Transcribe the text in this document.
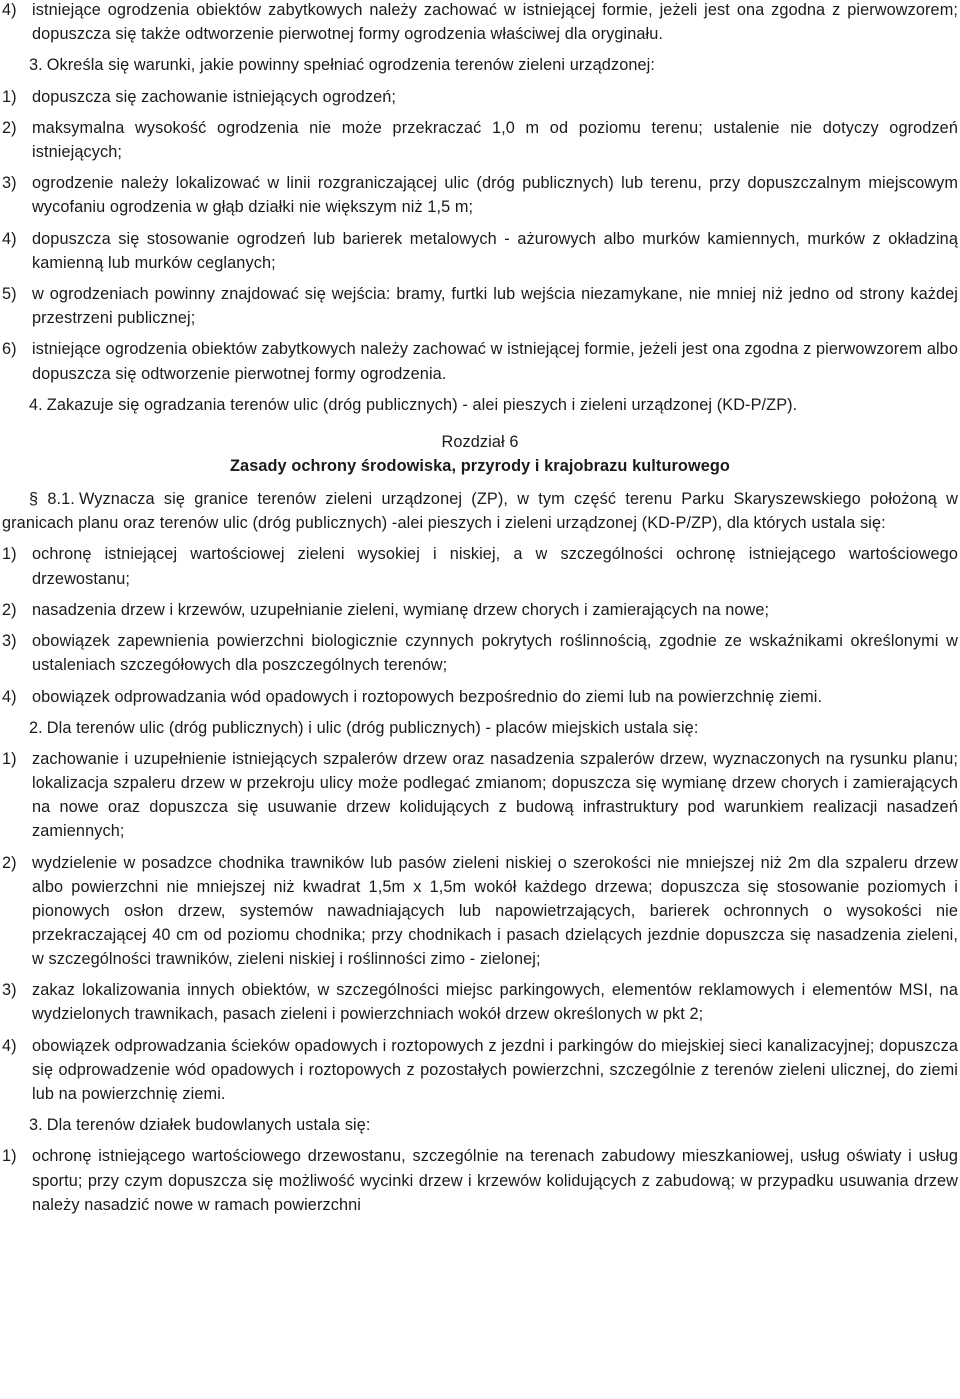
4) istniejące ogrodzenia obiektów zabytkowych należy zachować w istniejącej formie, jeżeli jest ona zgodna z pierwowzorem; dopuszcza się także odtworzenie pierwotnej formy ogrodzenia właściwej dla oryginału.
3. Określa się warunki, jakie powinny spełniać ogrodzenia terenów zieleni urządzonej:
1) dopuszcza się zachowanie istniejących ogrodzeń;
2) maksymalna wysokość ogrodzenia nie może przekraczać 1,0 m od poziomu terenu; ustalenie nie dotyczy ogrodzeń istniejących;
3) ogrodzenie należy lokalizować w linii rozgraniczającej ulic (dróg publicznych) lub terenu, przy dopuszczalnym miejscowym wycofaniu ogrodzenia w głąb działki nie większym niż 1,5 m;
4) dopuszcza się stosowanie ogrodzeń lub barierek metalowych - ażurowych albo murków kamiennych, murków z okładziną kamienną lub murków ceglanych;
5) w ogrodzeniach powinny znajdować się wejścia: bramy, furtki lub wejścia niezamykane, nie mniej niż jedno od strony każdej przestrzeni publicznej;
6) istniejące ogrodzenia obiektów zabytkowych należy zachować w istniejącej formie, jeżeli jest ona zgodna z pierwowzorem albo dopuszcza się odtworzenie pierwotnej formy ogrodzenia.
4. Zakazuje się ogradzania terenów ulic (dróg publicznych) - alei pieszych i zieleni urządzonej (KD-P/ZP).
Rozdział 6
Zasady ochrony środowiska, przyrody i krajobrazu kulturowego
§ 8.1. Wyznacza się granice terenów zieleni urządzonej (ZP), w tym część terenu Parku Skaryszewskiego położoną w granicach planu oraz terenów ulic (dróg publicznych) -alei pieszych i zieleni urządzonej (KD-P/ZP), dla których ustala się:
1) ochronę istniejącej wartościowej zieleni wysokiej i niskiej, a w szczególności ochronę istniejącego wartościowego drzewostanu;
2) nasadzenia drzew i krzewów, uzupełnianie zieleni, wymianę drzew chorych i zamierających na nowe;
3) obowiązek zapewnienia powierzchni biologicznie czynnych pokrytych roślinnością, zgodnie ze wskaźnikami określonymi w ustaleniach szczegółowych dla poszczególnych terenów;
4) obowiązek odprowadzania wód opadowych i roztopowych bezpośrednio do ziemi lub na powierzchnię ziemi.
2. Dla terenów ulic (dróg publicznych) i ulic (dróg publicznych) - placów miejskich ustala się:
1) zachowanie i uzupełnienie istniejących szpalerów drzew oraz nasadzenia szpalerów drzew, wyznaczonych na rysunku planu; lokalizacja szpaleru drzew w przekroju ulicy może podlegać zmianom; dopuszcza się wymianę drzew chorych i zamierających na nowe oraz dopuszcza się usuwanie drzew kolidujących z budową infrastruktury pod warunkiem realizacji nasadzeń zamiennych;
2) wydzielenie w posadzce chodnika trawników lub pasów zieleni niskiej o szerokości nie mniejszej niż 2m dla szpaleru drzew albo powierzchni nie mniejszej niż kwadrat 1,5m x 1,5m wokół każdego drzewa; dopuszcza się stosowanie poziomych i pionowych osłon drzew, systemów nawadniających lub napowietrzających, barierek ochronnych o wysokości nie przekraczającej 40 cm od poziomu chodnika; przy chodnikach i pasach dzielących jezdnie dopuszcza się nasadzenia zieleni, w szczególności trawników, zieleni niskiej i roślinności zimo - zielonej;
3) zakaz lokalizowania innych obiektów, w szczególności miejsc parkingowych, elementów reklamowych i elementów MSI, na wydzielonych trawnikach, pasach zieleni i powierzchniach wokół drzew określonych w pkt 2;
4) obowiązek odprowadzania ścieków opadowych i roztopowych z jezdni i parkingów do miejskiej sieci kanalizacyjnej; dopuszcza się odprowadzenie wód opadowych i roztopowych z pozostałych powierzchni, szczególnie z terenów zieleni ulicznej, do ziemi lub na powierzchnię ziemi.
3. Dla terenów działek budowlanych ustala się:
1) ochronę istniejącego wartościowego drzewostanu, szczególnie na terenach zabudowy mieszkaniowej, usług oświaty i usług sportu; przy czym dopuszcza się możliwość wycinki drzew i krzewów kolidujących z zabudową; w przypadku usuwania drzew należy nasadzić nowe w ramach powierzchni
